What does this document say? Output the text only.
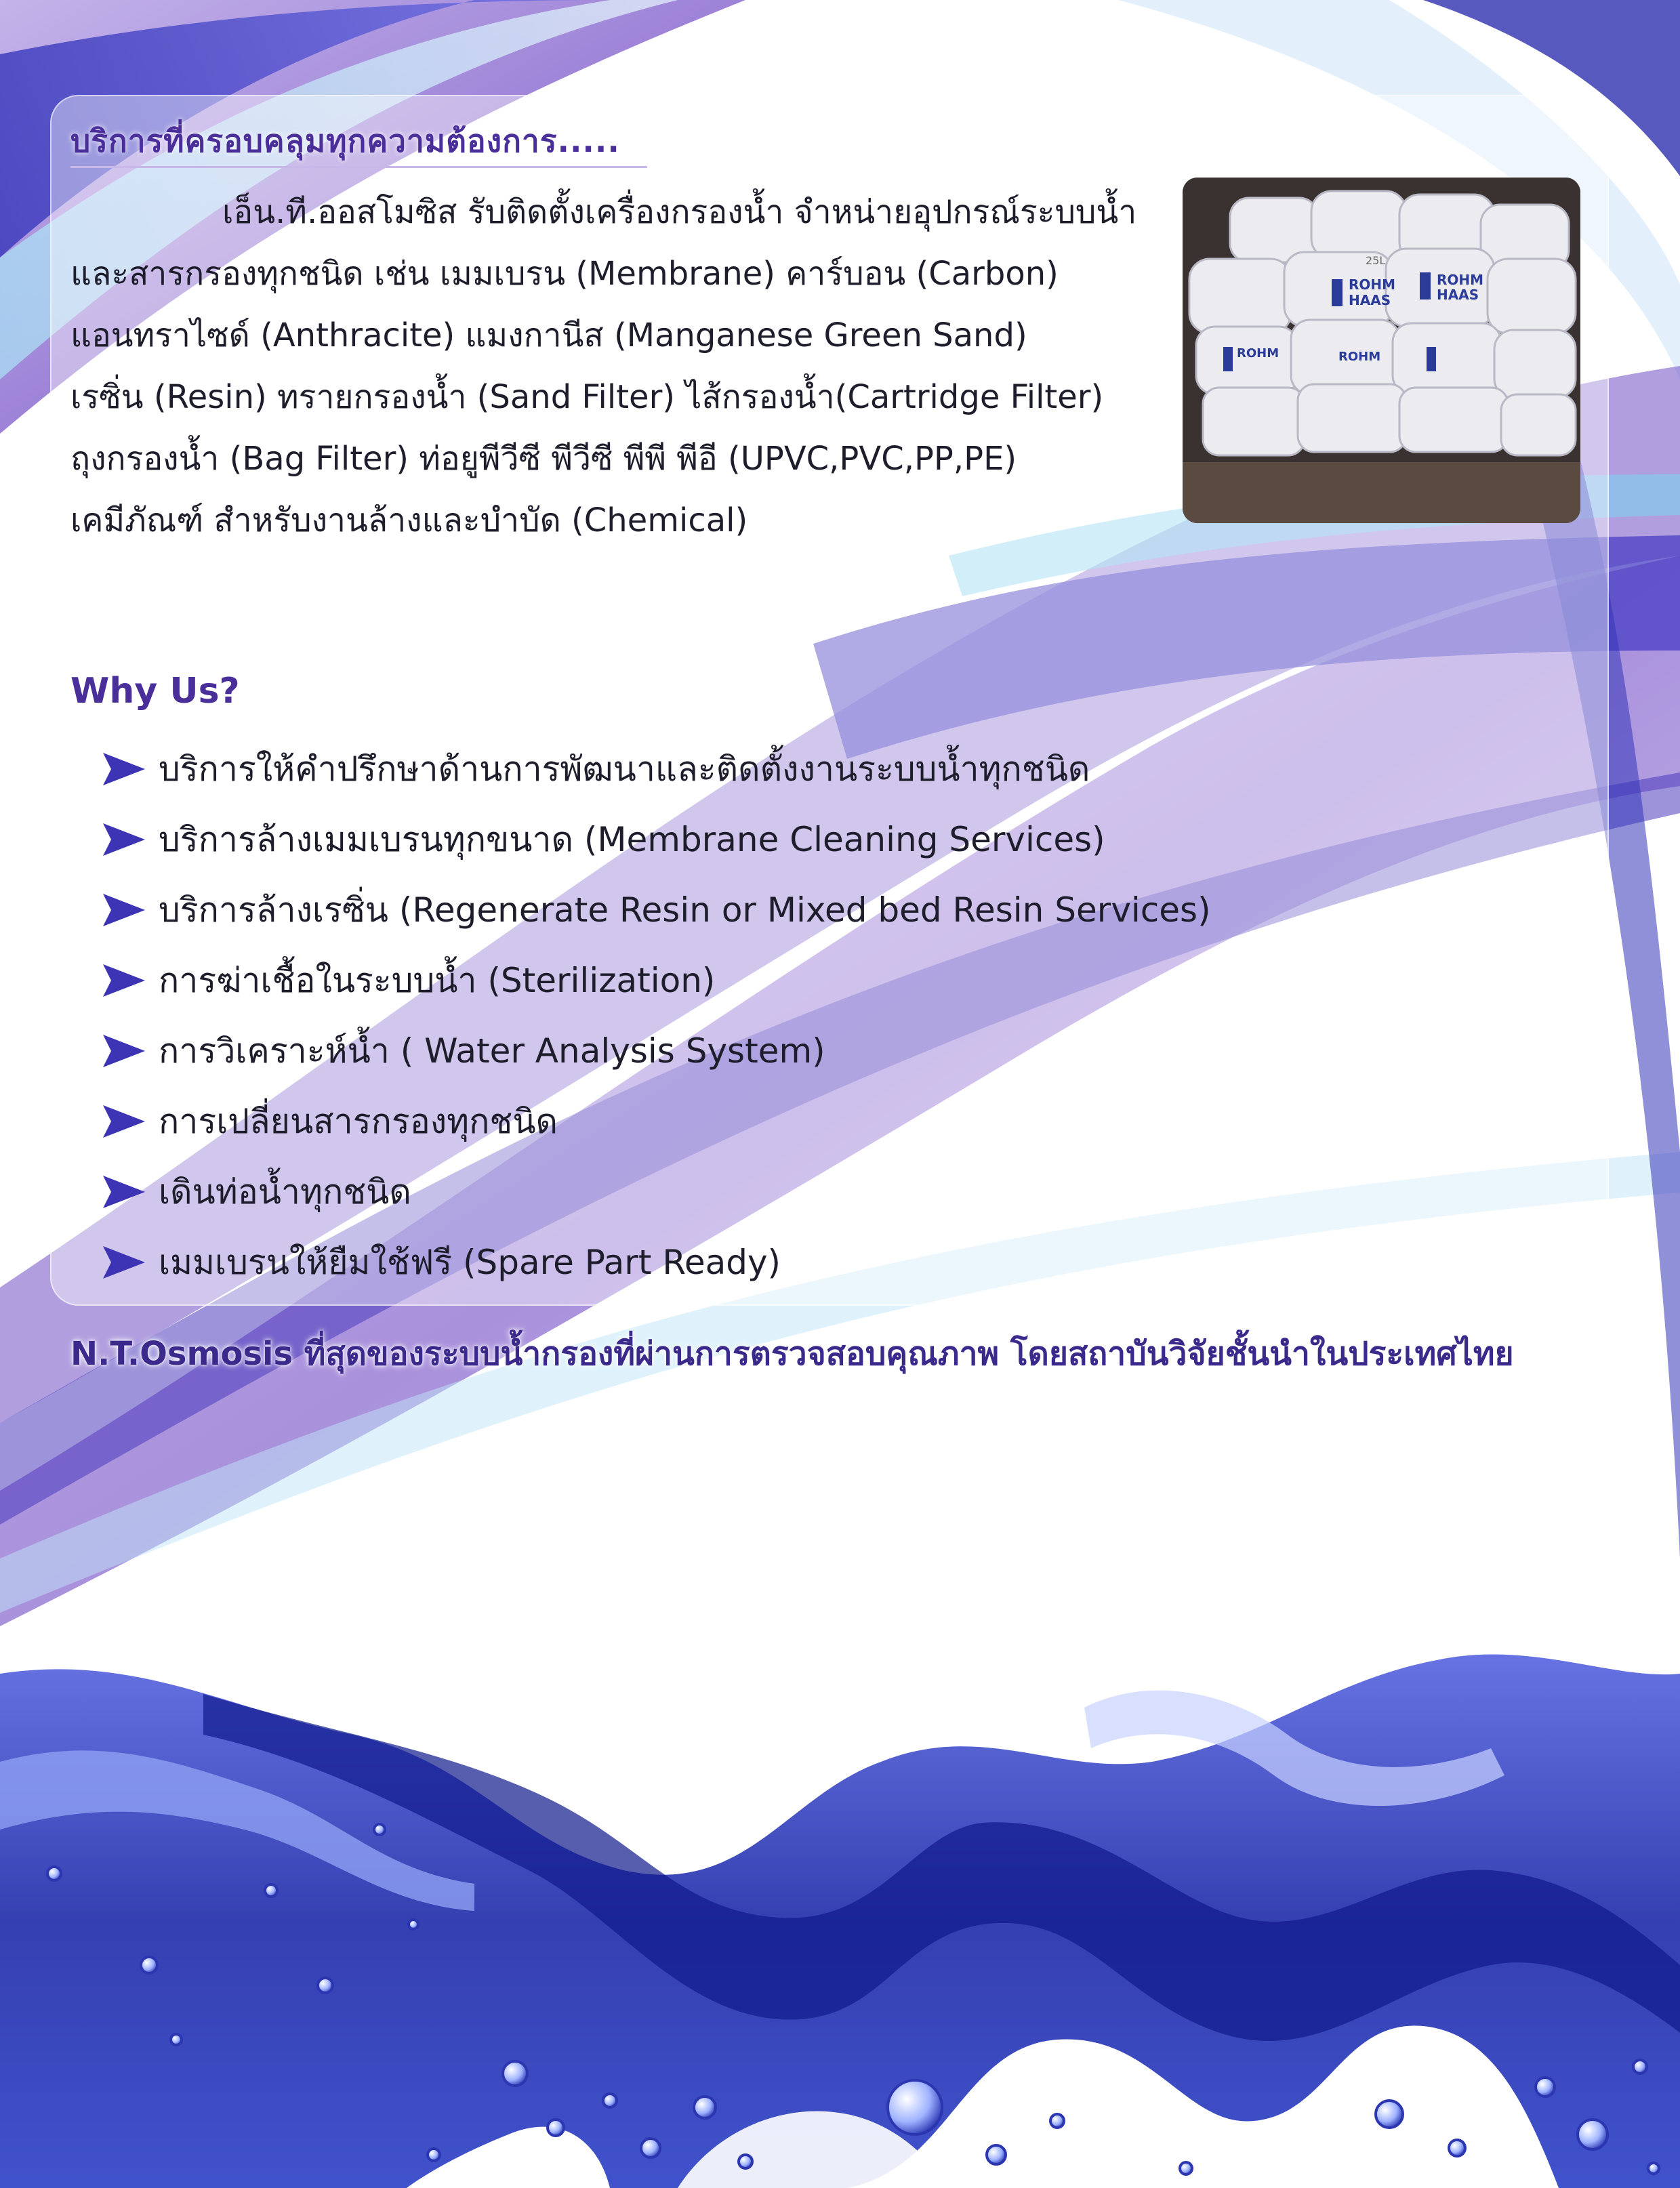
บริการที่ครอบคลุมทุกความต้องการ.....

เอ็น.ที.ออสโมซิส รับติดตั้งเครื่องกรองน้ำ จำหน่ายอุปกรณ์ระบบน้ำ

และสารกรองทุกชนิด เช่น เมมเบรน (Membrane) คาร์บอน (Carbon)

แอนทราไซด์ (Anthracite) แมงกานีส (Manganese Green Sand)

เรซิ่น (Resin) ทรายกรองน้ำ (Sand Filter) ไส้กรองน้ำ(Cartridge Filter)

ถุงกรองน้ำ (Bag Filter) ท่อยูพีวีซี พีวีซี พีพี พีอี (UPVC,PVC,PP,PE)

เคมีภัณฑ์ สำหรับงานล้างและบำบัด (Chemical)

ROHM
HAAS
ROHM
HAAS
ROHM
ROHM
25L
Why Us?
บริการให้คำปรึกษาด้านการพัฒนาและติดตั้งงานระบบน้ำทุกชนิด
บริการล้างเมมเบรนทุกขนาด (Membrane Cleaning Services)
บริการล้างเรซิ่น (Regenerate Resin or Mixed bed Resin Services)
การฆ่าเชื้อในระบบน้ำ (Sterilization)
การวิเคราะห์น้ำ ( Water Analysis System)
การเปลี่ยนสารกรองทุกชนิด
เดินท่อน้ำทุกชนิด
เมมเบรนให้ยืมใช้ฟรี (Spare Part Ready)
N.T.Osmosis ที่สุดของระบบน้ำกรองที่ผ่านการตรวจสอบคุณภาพ โดยสถาบันวิจัยชั้นนำในประเทศไทย
